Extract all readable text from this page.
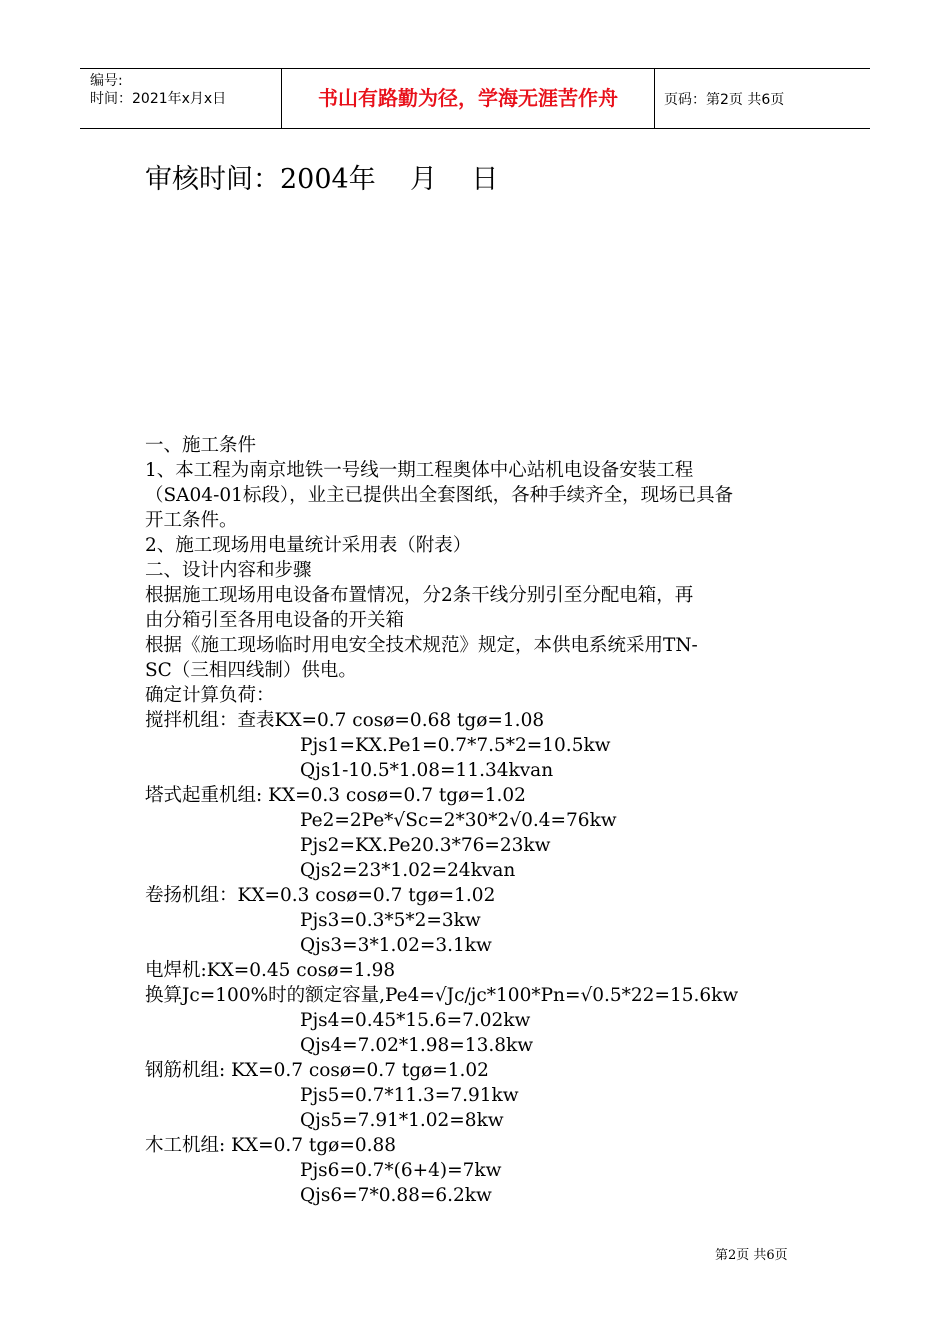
编号:
时间：2021年x月x日	书山有路勤为径，学海无涯苦作舟	页码：第2页 共6页
审核时间：2004年    月    日
一、施工条件
1、本工程为南京地铁一号线一期工程奥体中心站机电设备安装工程
（SA04-01标段），业主已提供出全套图纸，各种手续齐全，现场已具备
开工条件。
2、施工现场用电量统计采用表（附表）
二、设计内容和步骤
根据施工现场用电设备布置情况，分2条干线分别引至分配电箱，再
由分箱引至各用电设备的开关箱
根据《施工现场临时用电安全技术规范》规定，本供电系统采用TN-
SC（三相四线制）供电。
确定计算负荷：
搅拌机组：查表KX=0.7 cosø=0.68 tgø=1.08
Pjs1=KX.Pe1=0.7*7.5*2=10.5kw
Qjs1-10.5*1.08=11.34kvan
塔式起重机组: KX=0.3 cosø=0.7 tgø=1.02
Pe2=2Pe*√Sc=2*30*2√0.4=76kw
Pjs2=KX.Pe20.3*76=23kw
Qjs2=23*1.02=24kvan
卷扬机组：KX=0.3 cosø=0.7 tgø=1.02
Pjs3=0.3*5*2=3kw
Qjs3=3*1.02=3.1kw
电焊机:KX=0.45 cosø=1.98
换算Jc=100%时的额定容量,Pe4=√Jc/jc*100*Pn=√0.5*22=15.6kw
Pjs4=0.45*15.6=7.02kw
Qjs4=7.02*1.98=13.8kw
钢筋机组: KX=0.7 cosø=0.7 tgø=1.02
Pjs5=0.7*11.3=7.91kw
Qjs5=7.91*1.02=8kw
木工机组: KX=0.7 tgø=0.88
Pjs6=0.7*(6+4)=7kw
Qjs6=7*0.88=6.2kw
第2页 共6页
